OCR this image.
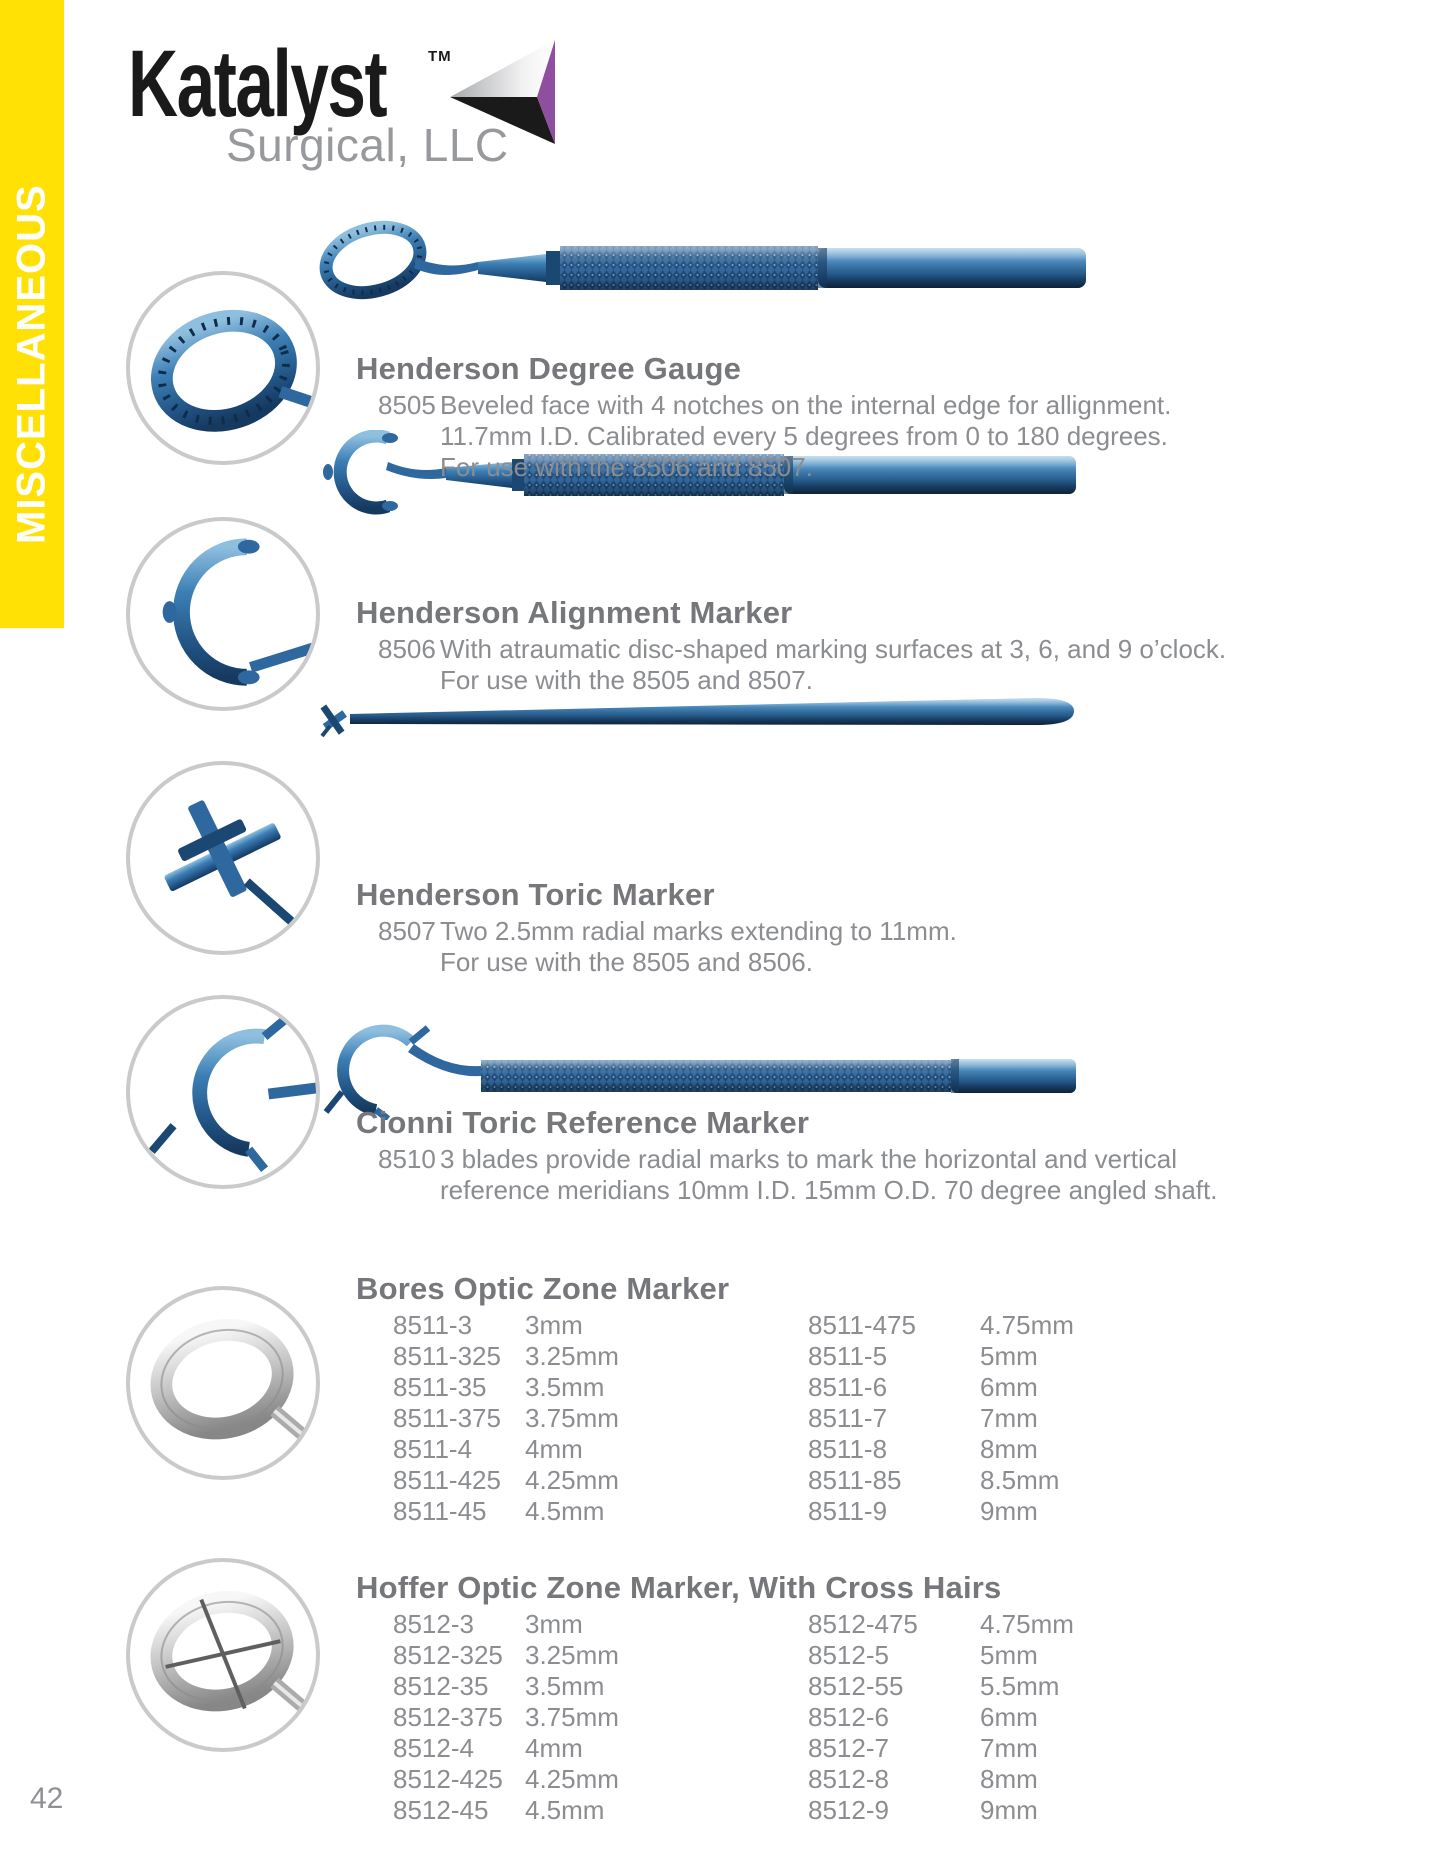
MISCELLANEOUS
Katalyst	TM
Surgical, LLC
Henderson Degree Gauge
8505 Beveled face with 4 notches on the internal edge for allignment.
11.7mm I.D. Calibrated every 5 degrees from 0 to 180 degrees.
For use with the 8506 and 8507.
Henderson Alignment Marker
8506 With atraumatic disc-shaped marking surfaces at 3, 6, and 9 o’clock.
For use with the 8505 and 8507.
Henderson Toric Marker
8507 Two 2.5mm radial marks extending to 11mm.
For use with the 8505 and 8506.
Cionni Toric Reference Marker
8510 3 blades provide radial marks to mark the horizontal and vertical
reference meridians 10mm I.D. 15mm O.D. 70 degree angled shaft.
Bores Optic Zone Marker
8511-3	3mm	8511-475	4.75mm
8511-325 3.25mm	8511-5	5mm
8511-35	3.5mm	8511-6	6mm
8511-375 3.75mm	8511-7	7mm
8511-4	4mm	8511-8	8mm
8511-425 4.25mm	8511-85	8.5mm
8511-45	4.5mm	8511-9	9mm
Hoffer Optic Zone Marker, With Cross Hairs
8512-3	3mm	8512-475	4.75mm
8512-325 3.25mm	8512-5	5mm
8512-35	3.5mm	8512-55	5.5mm
8512-375 3.75mm	8512-6	6mm
8512-4	4mm	8512-7	7mm
8512-425 4.25mm	8512-8	8mm
8512-45	4.5mm	8512-9	9mm
42
